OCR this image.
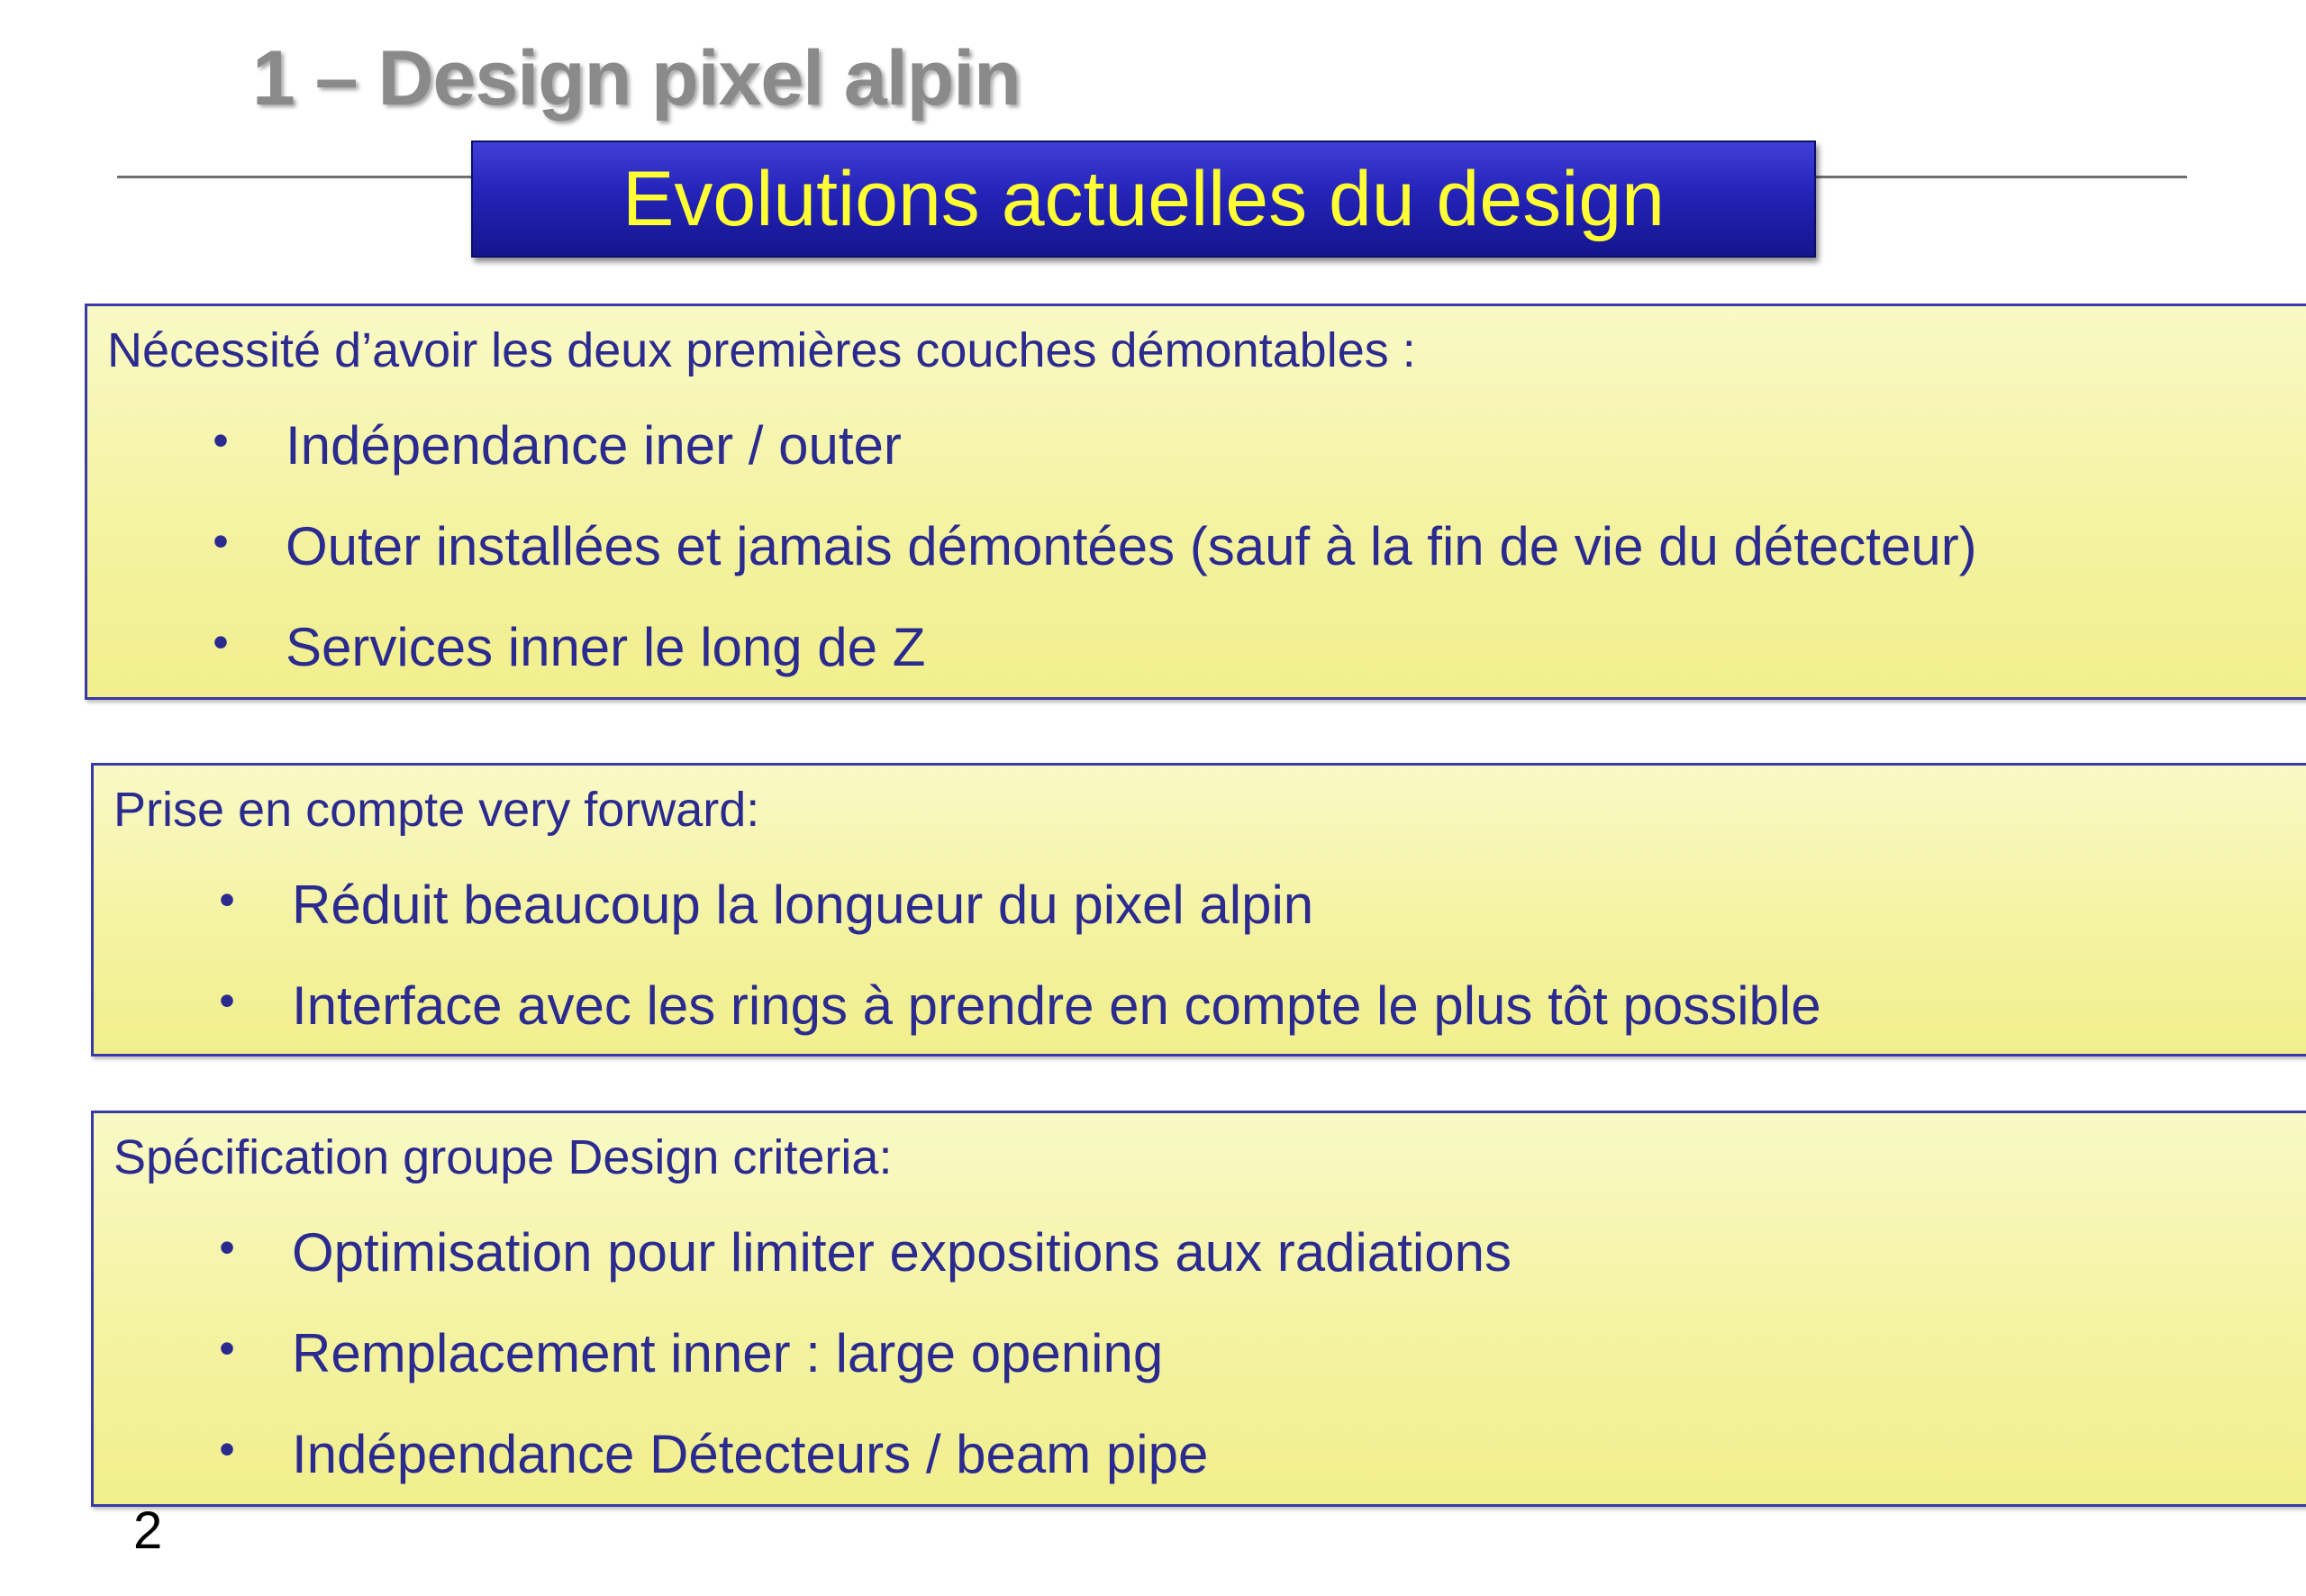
1 – Design pixel alpin
Evolutions actuelles du design
Nécessité d’avoir les deux premières couches démontables :
•	Indépendance iner / outer
•	Outer installées et jamais démontées (sauf à la fin de vie du détecteur)
•	Services inner le long de Z
Prise en compte very forward:
•	Réduit beaucoup la longueur du pixel alpin
•	Interface avec les rings à prendre en compte le plus tôt possible
Spécification groupe Design criteria:
•	Optimisation pour limiter expositions aux radiations
•	Remplacement inner : large opening
•	Indépendance Détecteurs / beam pipe
2
